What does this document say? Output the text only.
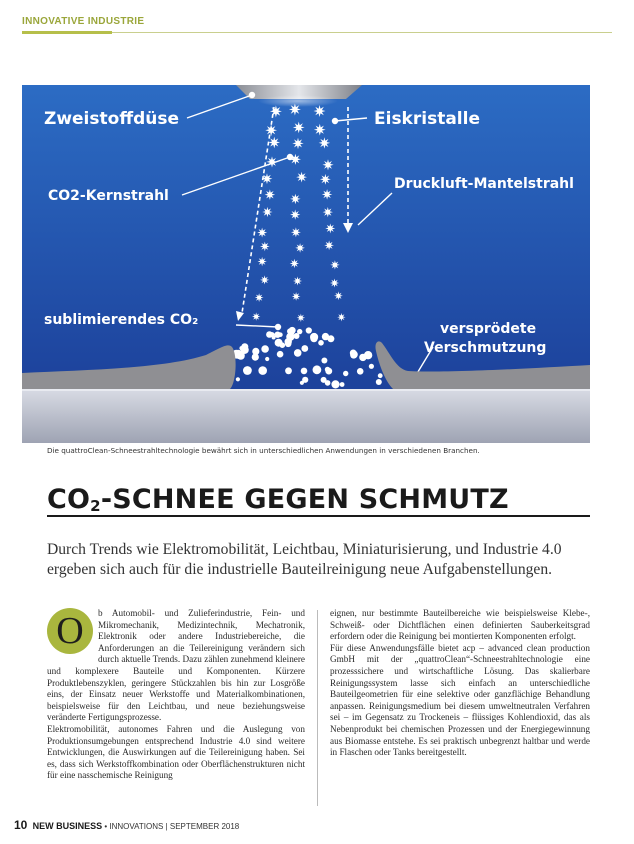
INNOVATIVE INDUSTRIE
Zweistoffdüse	Eiskristalle
CO2-Kernstrahl
Druckluft-Mantelstrahl
sublimierendes CO₂
versprödete
Verschmutzung
Die quattroClean-Schneestrahltechnologie bewährt sich in unterschiedlichen Anwendungen in verschiedenen Branchen.
$CO_2$-SCHNEE GEGEN SCHMUTZ

Durch Trends wie Elektromobilität, Leichtbau, Miniaturisierung, und Industrie 4.0 ergeben sich auch für die industrielle Bauteilreinigung neue Aufgabenstellungen.

O	b Automobil- und Zulieferindustrie, Fein- und Mikromechanik, Medizintechnik, Mechatronik, Elektronik oder andere Industriebereiche, die Anforderungen an die Teilereinigung verändern sich durch aktuelle Trends. Dazu zählen zunehmend kleinere und komplexere Bauteile und Komponenten. Kürzere Produktlebenszyklen, geringere Stückzahlen bis hin zur Losgröße eins, der Einsatz neuer Werkstoffe und Materialkombinationen, beispielsweise für den Leichtbau, und neue beziehungsweise veränderte Fertigungsprozesse.

Elektromobilität, autonomes Fahren und die Auslegung von Produktionsumgebungen entsprechend Industrie 4.0 sind weitere Entwicklungen, die Auswirkungen auf die Teilereinigung haben. Sei es, dass sich Werkstoffkombination oder Oberflächenstrukturen nicht für eine nasschemische Reinigung

eignen, nur bestimmte Bauteilbereiche wie beispielsweise Klebe-, Schweiß- oder Dichtflächen einen definierten Sauberkeitsgrad erfordern oder die Reinigung bei montierten Komponenten erfolgt.

Für diese Anwendungsfälle bietet acp – advanced clean production GmbH mit der „quattroClean“-Schneestrahltechnologie eine prozesssichere und wirtschaftliche Lösung. Das skalierbare Reinigungssystem lasse sich einfach an unterschiedliche Bauteilgeometrien für eine selektive oder ganzflächige Behandlung anpassen. Reinigungsmedium bei diesem umweltneutralen Verfahren sei – im Gegensatz zu Trockeneis – flüssiges Kohlendioxid, das als Nebenprodukt bei chemischen Prozessen und der Energiegewinnung aus Biomasse entstehe. Es sei praktisch unbegrenzt haltbar und werde in Flaschen oder Tanks bereitgestellt.

10 NEW BUSINESS • INNOVATIONS | SEPTEMBER 2018
